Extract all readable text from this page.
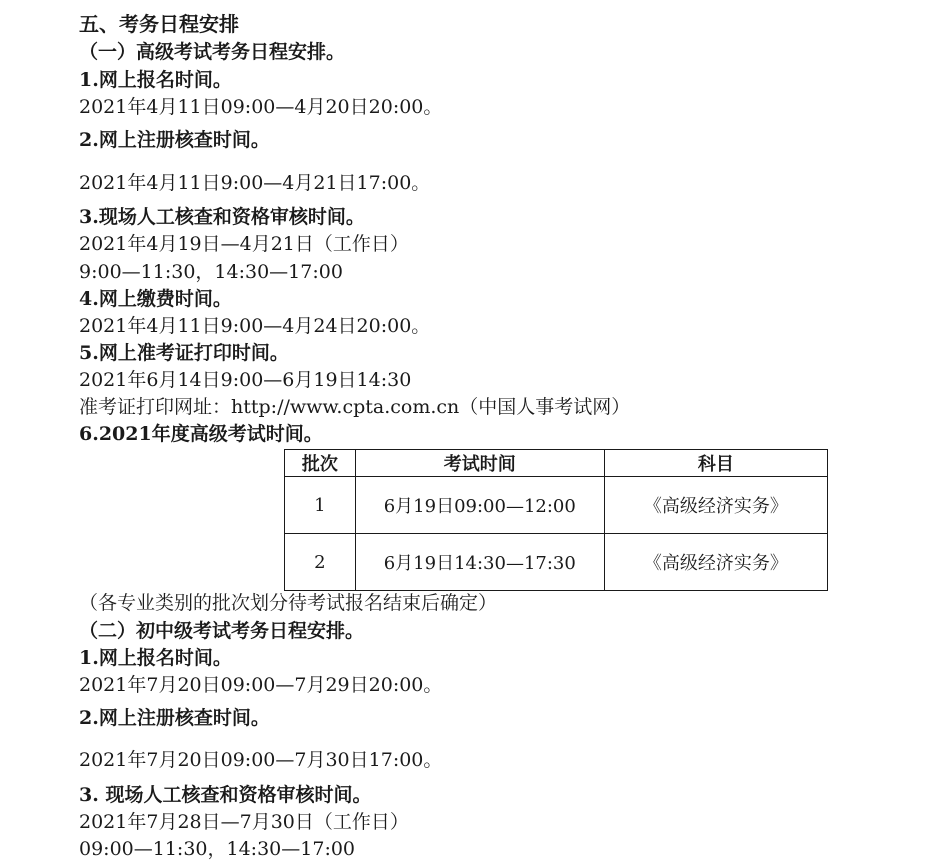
五、考务日程安排
（一）高级考试考务日程安排。
1.网上报名时间。
2021年4月11日09:00—4月20日20:00。
2.网上注册核查时间。
2021年4月11日9:00—4月21日17:00。
3.现场人工核查和资格审核时间。
2021年4月19日—4月21日（工作日）
9:00—11:30，14:30—17:00
4.网上缴费时间。
2021年4月11日9:00—4月24日20:00。
5.网上准考证打印时间。
2021年6月14日9:00—6月19日14:30
准考证打印网址：http://www.cpta.com.cn（中国人事考试网）
6.2021年度高级考试时间。
批次	考试时间	科目
1	6月19日09:00—12:00	《高级经济实务》
2	6月19日14:30—17:30	《高级经济实务》
（各专业类别的批次划分待考试报名结束后确定）
（二）初中级考试考务日程安排。
1.网上报名时间。
2021年7月20日09:00—7月29日20:00。
2.网上注册核查时间。
2021年7月20日09:00—7月30日17:00。
3. 现场人工核查和资格审核时间。
2021年7月28日—7月30日（工作日）
09:00—11:30，14:30—17:00
